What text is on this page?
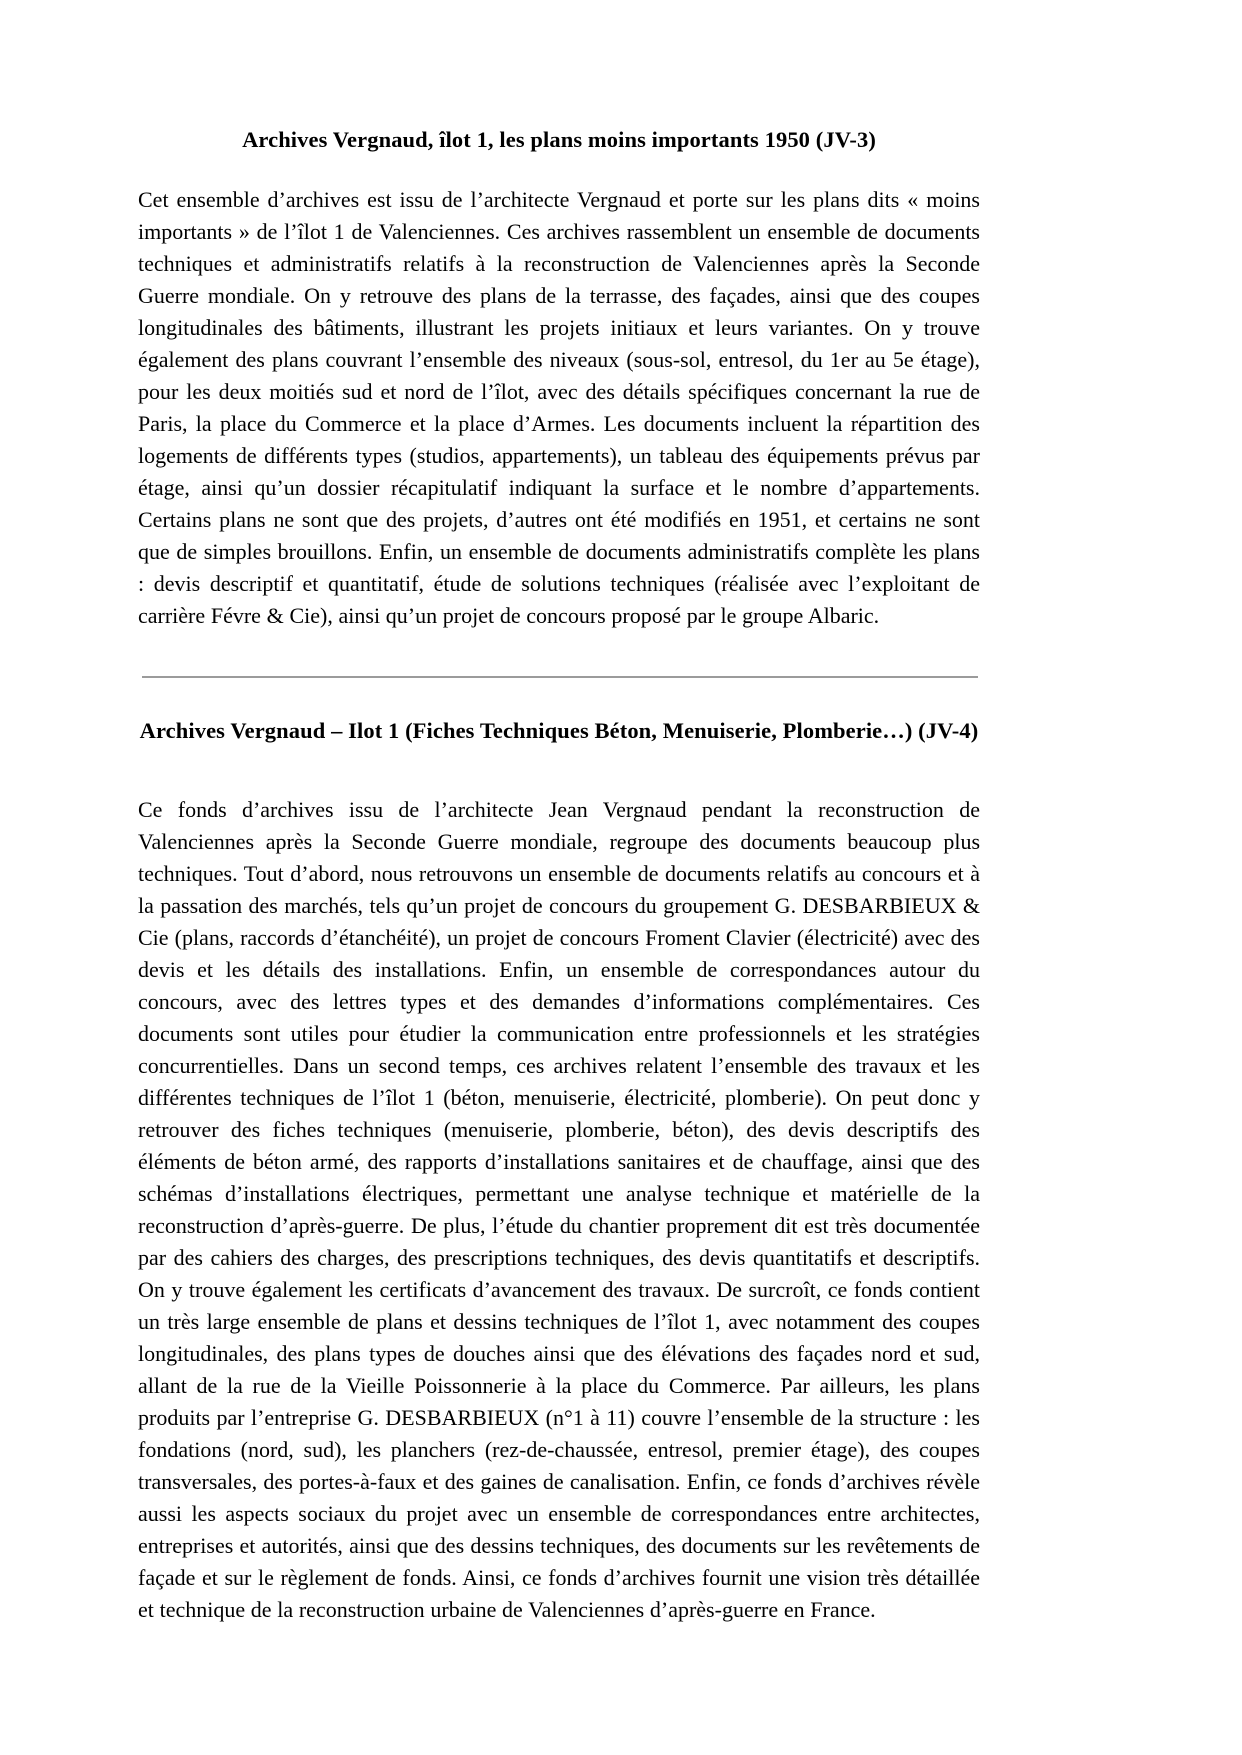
Archives Vergnaud, îlot 1, les plans moins importants 1950 (JV-3)

Cet ensemble d’archives est issu de l’architecte Vergnaud et porte sur les plans dits « moins importants » de l’îlot 1 de Valenciennes. Ces archives rassemblent un ensemble de documents techniques et administratifs relatifs à la reconstruction de Valenciennes après la Seconde Guerre mondiale. On y retrouve des plans de la terrasse, des façades, ainsi que des coupes longitudinales des bâtiments, illustrant les projets initiaux et leurs variantes. On y trouve également des plans couvrant l’ensemble des niveaux (sous-sol, entresol, du 1er au 5e étage), pour les deux moitiés sud et nord de l’îlot, avec des détails spécifiques concernant la rue de Paris, la place du Commerce et la place d’Armes. Les documents incluent la répartition des logements de différents types (studios, appartements), un tableau des équipements prévus par étage, ainsi qu’un dossier récapitulatif indiquant la surface et le nombre d’appartements. Certains plans ne sont que des projets, d’autres ont été modifiés en 1951, et certains ne sont que de simples brouillons. Enfin, un ensemble de documents administratifs complète les plans : devis descriptif et quantitatif, étude de solutions techniques (réalisée avec l’exploitant de carrière Févre & Cie), ainsi qu’un projet de concours proposé par le groupe Albaric.

Archives Vergnaud – Ilot 1 (Fiches Techniques Béton, Menuiserie, Plomberie…) (JV-4)

Ce fonds d’archives issu de l’architecte Jean Vergnaud pendant la reconstruction de Valenciennes après la Seconde Guerre mondiale, regroupe des documents beaucoup plus techniques. Tout d’abord, nous retrouvons un ensemble de documents relatifs au concours et à la passation des marchés, tels qu’un projet de concours du groupement G. DESBARBIEUX & Cie (plans, raccords d’étanchéité), un projet de concours Froment Clavier (électricité) avec des devis et les détails des installations. Enfin, un ensemble de correspondances autour du concours, avec des lettres types et des demandes d’informations complémentaires. Ces documents sont utiles pour étudier la communication entre professionnels et les stratégies concurrentielles. Dans un second temps, ces archives relatent l’ensemble des travaux et les différentes techniques de l’îlot 1 (béton, menuiserie, électricité, plomberie). On peut donc y retrouver des fiches techniques (menuiserie, plomberie, béton), des devis descriptifs des éléments de béton armé, des rapports d’installations sanitaires et de chauffage, ainsi que des schémas d’installations électriques, permettant une analyse technique et matérielle de la reconstruction d’après-guerre. De plus, l’étude du chantier proprement dit est très documentée par des cahiers des charges, des prescriptions techniques, des devis quantitatifs et descriptifs. On y trouve également les certificats d’avancement des travaux. De surcroît, ce fonds contient un très large ensemble de plans et dessins techniques de l’îlot 1, avec notamment des coupes longitudinales, des plans types de douches ainsi que des élévations des façades nord et sud, allant de la rue de la Vieille Poissonnerie à la place du Commerce. Par ailleurs, les plans produits par l’entreprise G. DESBARBIEUX (n°1 à 11) couvre l’ensemble de la structure : les fondations (nord, sud), les planchers (rez-de-chaussée, entresol, premier étage), des coupes transversales, des portes-à-faux et des gaines de canalisation. Enfin, ce fonds d’archives révèle aussi les aspects sociaux du projet avec un ensemble de correspondances entre architectes, entreprises et autorités, ainsi que des dessins techniques, des documents sur les revêtements de façade et sur le règlement de fonds. Ainsi, ce fonds d’archives fournit une vision très détaillée et technique de la reconstruction urbaine de Valenciennes d’après-guerre en France.
